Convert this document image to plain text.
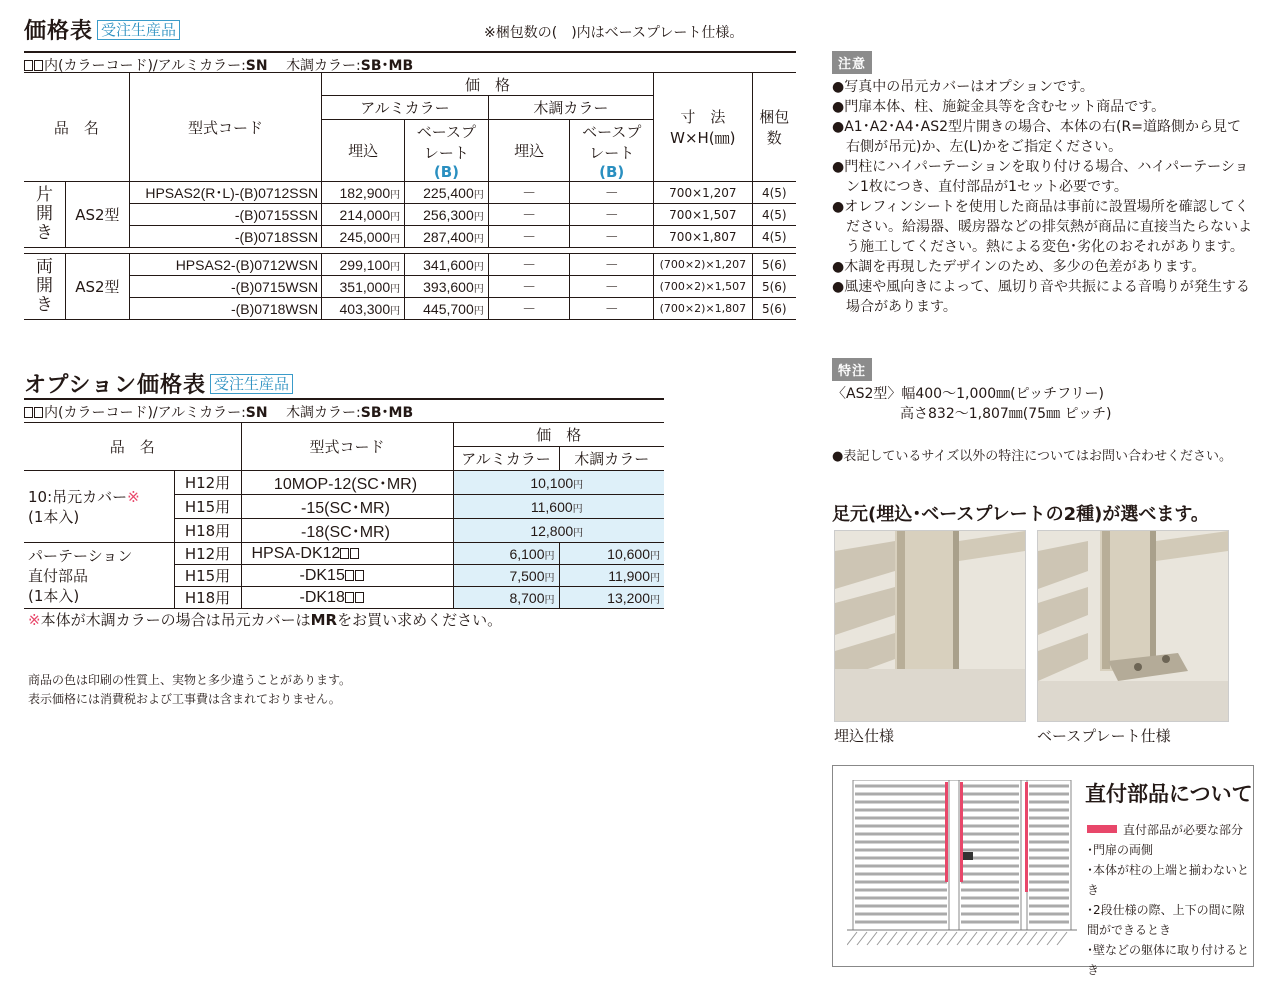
価格表 受注生産品	※梱包数の(　)内はベースプレート仕様。
内(カラーコード)/アルミカラー:SN　 木調カラー:SB･MB
品　名		型式コード	価　格				寸　法
W×H(㎜)	梱包数
			アルミカラー		木調カラー			
			埋込	ベースプレート(B)	埋込	ベースプレート(B)		
片開き	AS2型	HPSAS2(R･L)-(B)0712SSN	182,900円	225,400円	－	－	700×1,207	4(5)
		-(B)0715SSN	214,000円	256,300円	－	－	700×1,507	4(5)
		-(B)0718SSN	245,000円	287,400円	－	－	700×1,807	4(5)

両開き	AS2型	HPSAS2-(B)0712WSN	299,100円	341,600円	－	－	(700×2)×1,207	5(6)
		-(B)0715WSN	351,000円	393,600円	－	－	(700×2)×1,507	5(6)
		-(B)0718WSN	403,300円	445,700円	－	－	(700×2)×1,807	5(6)
オプション価格表 受注生産品
内(カラーコード)/アルミカラー:SN　 木調カラー:SB･MB
品　名		型式コード	価　格	
			アルミカラー	木調カラー
10:吊元カバー※
(1本入)	H12用	10MOP-12(SC･MR)	10,100円	
	H15用	-15(SC･MR)	11,600円	
	H18用	-18(SC･MR)	12,800円	
パーテーション
直付部品
(1本入)	H12用	HPSA-DK12	6,100円	10,600円
	H15用	-DK15	7,500円	11,900円
	H18用	-DK18	8,700円	13,200円
※本体が木調カラーの場合は吊元カバーはMRをお買い求めください。
商品の色は印刷の性質上、実物と多少違うことがあります。
表示価格には消費税および工事費は含まれておりません。
注意
●写真中の吊元カバーはオプションです。
●門扉本体、柱、施錠金具等を含むセット商品です。
●A1･A2･A4･AS2型片開きの場合、本体の右(R=道路側から見て右側が吊元)か、左(L)かをご指定ください。
●門柱にハイパーテーションを取り付ける場合、ハイパーテーション1枚につき、直付部品が1セット必要です。
●オレフィンシートを使用した商品は事前に設置場所を確認してください。給湯器、暖房器などの排気熱が商品に直接当たらないよう施工してください。熱による変色･劣化のおそれがあります。
●木調を再現したデザインのため、多少の色差があります。
●風速や風向きによって、風切り音や共振による音鳴りが発生する場合があります。
特注
〈AS2型〉幅400～1,000㎜(ピッチフリー)
高さ832～1,807㎜(75㎜ ピッチ)
●表記しているサイズ以外の特注についてはお問い合わせください。
足元(埋込･ベースプレートの2種)が選べます。
埋込仕様	ベースプレート仕様
直付部品について
直付部品が必要な部分
･門扉の両側
･本体が柱の上端と揃わないとき
･2段仕様の際、上下の間に隙間ができるとき
･壁などの躯体に取り付けるとき
